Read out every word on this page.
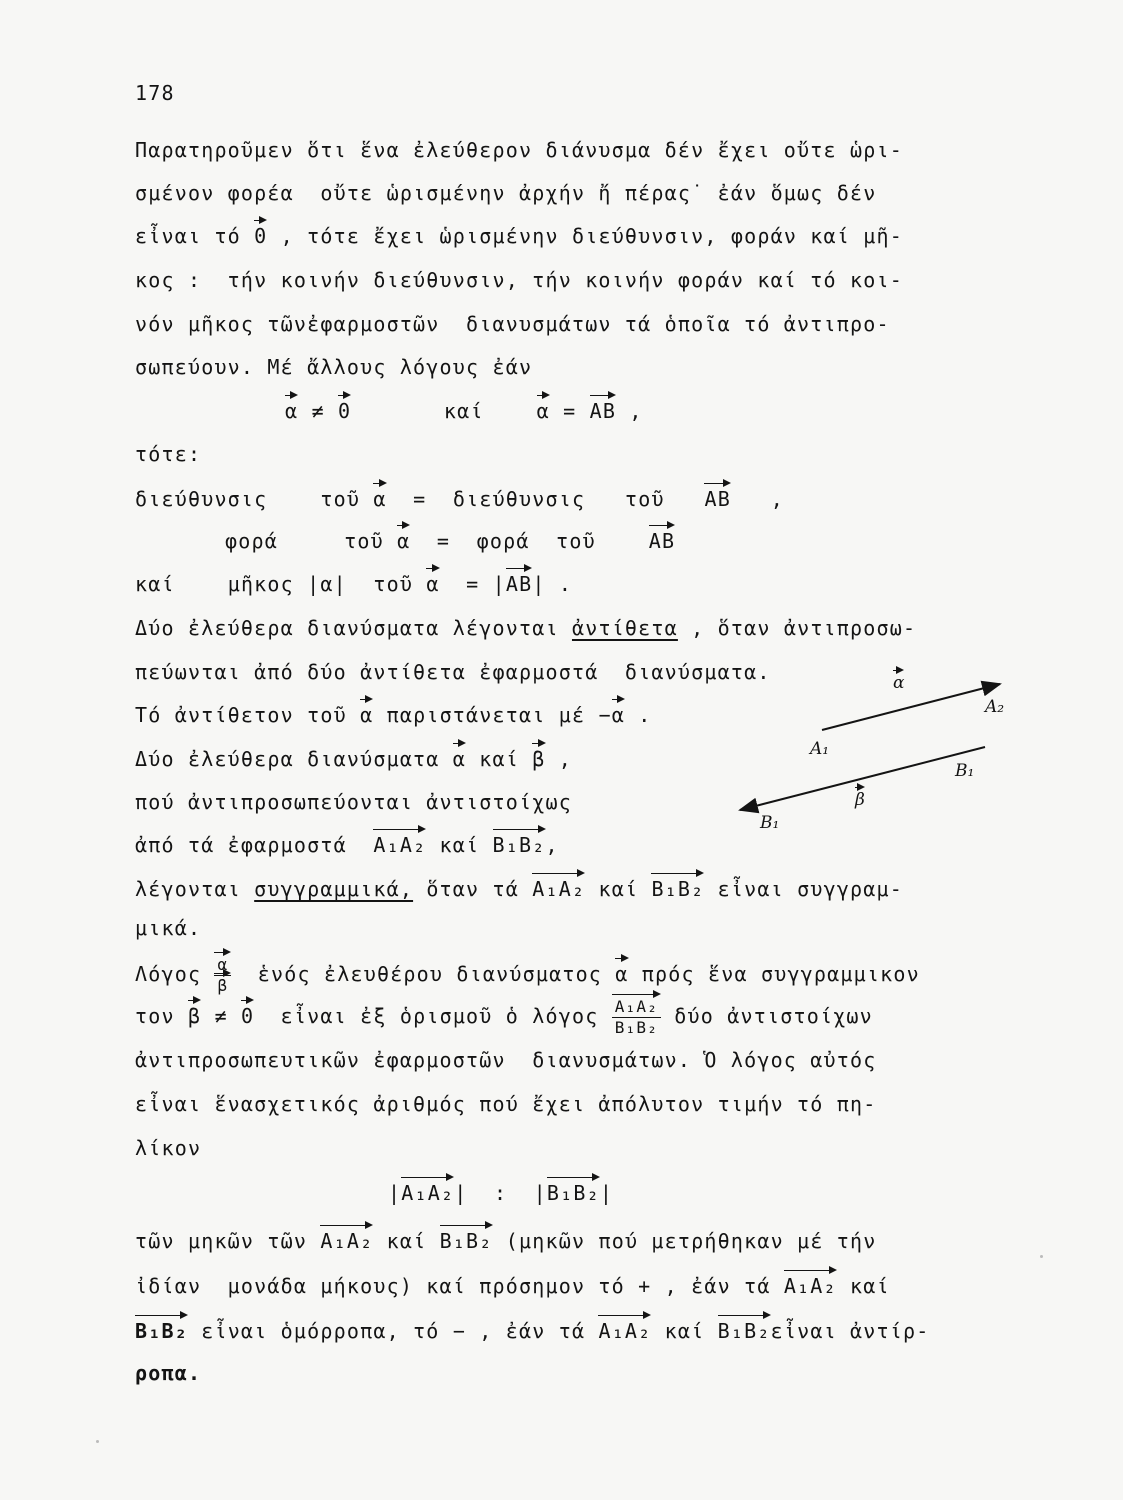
178
Παρατηροῦμεν ὅτι ἕνα ἐλεύθερον διάνυσμα δέν ἔχει οὔτε ὡρι-
σμένον φορέα  οὔτε ὡρισμένην ἀρχήν ἤ πέρας˙ ἐάν ὅμως δέν
εἶναι τό 0 , τότε ἔχει ὡρισμένην διεύθυνσιν, φοράν καί μῆ-
κος :  τήν κοινήν διεύθυνσιν, τήν κοινήν φοράν καί τό κοι-
νόν μῆκος τῶνἐφαρμοστῶν  διανυσμάτων τά ὁποῖα τό ἀντιπρο-
σωπεύουν. Μέ ἄλλους λόγους ἐάν
α ≠ 0	καί	α = AB ,
τότε:
διεύθυνσις	τοῦ α = διεύθυνσις τοῦ AB ,
φορά	τοῦ α = φορά τοῦ	AB
καί	μῆκος |α| τοῦ α = |AB| .
Δύο ἐλεύθερα διανύσματα λέγονται ἀντίθετα , ὅταν ἀντιπροσω-
πεύωνται ἀπό δύο ἀντίθετα ἐφαρμοστά  διανύσματα.
Τό ἀντίθετον τοῦ α παριστάνεται μέ −α .
Δύο ἐλεύθερα διανύσματα α καί β ,
πού ἀντιπροσωπεύονται ἀντιστοίχως
ἀπό τά ἐφαρμοστά  A₁A₂ καί B₁B₂,
λέγονται συγγραμμικά, ὅταν τά A₁A₂ καί B₁B₂ εἶναι συγγραμ-
μικά.
α
A₁
A₂
β
B₁
B₁
Λόγος $\frac{\alpha}{\beta}$ ἑνός ἐλευθέρου διανύσματος α πρός ἕνα συγγραμμικον
τον β ≠ 0  εἶναι ἐξ ὁρισμοῦ ὁ λόγος $\frac{\text{A₁A₂}}{\text{B₁B₂}}$ δύο ἀντιστοίχων
ἀντιπροσωπευτικῶν ἐφαρμοστῶν  διανυσμάτων. Ὁ λόγος αὐτός
εἶναι ἕνασχετικός ἀριθμός πού ἔχει ἀπόλυτον τιμήν τό πη-
λίκον
|A₁A₂|  :  |B₁B₂|
τῶν μηκῶν τῶν A₁A₂ καί B₁B₂ (μηκῶν πού μετρήθηκαν μέ τήν
ἰδίαν  μονάδα μήκους) καί πρόσημον τό + , ἐάν τά A₁A₂ καί
B₁B₂ εἶναι ὁμόρροπα, τό − , ἐάν τά A₁A₂ καί B₁B₂εἶναι ἀντίρ-
ροπα.
